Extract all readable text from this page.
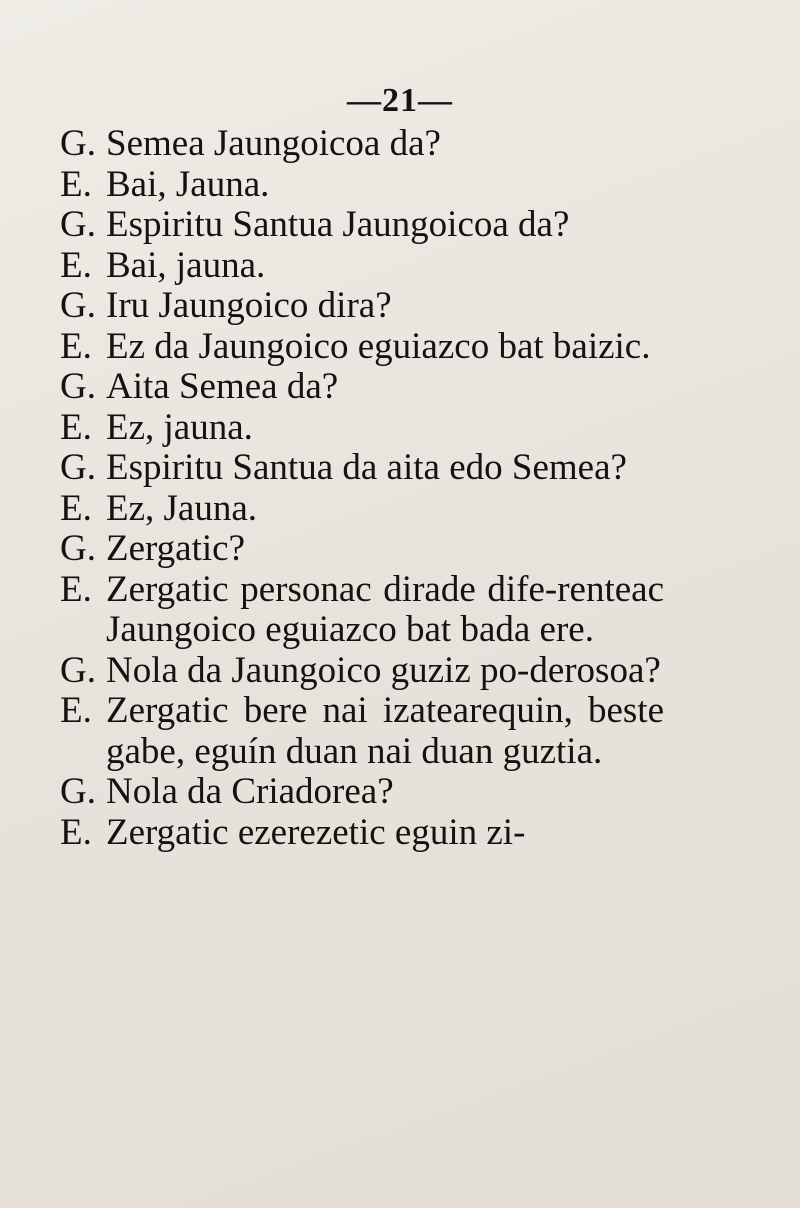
—21—
G. Semea Jaungoicoa da?
E. Bai, Jauna.
G. Espiritu Santua Jaungoicoa da?
E. Bai, jauna.
G. Iru Jaungoico dira?
E. Ez da Jaungoico eguiazco bat baizic.
G. Aita Semea da?
E. Ez, jauna.
G. Espiritu Santua da aita edo Semea?
E. Ez, Jauna.
G. Zergatic?
E. Zergatic personac dirade dife-renteac Jaungoico eguiazco bat bada ere.
G. Nola da Jaungoico guziz po-derosoa?
E. Zergatic bere nai izatearequin, beste gabe, eguín duan nai duan guztia.
G. Nola da Criadorea?
E. Zergatic ezerezetic eguin zi-
